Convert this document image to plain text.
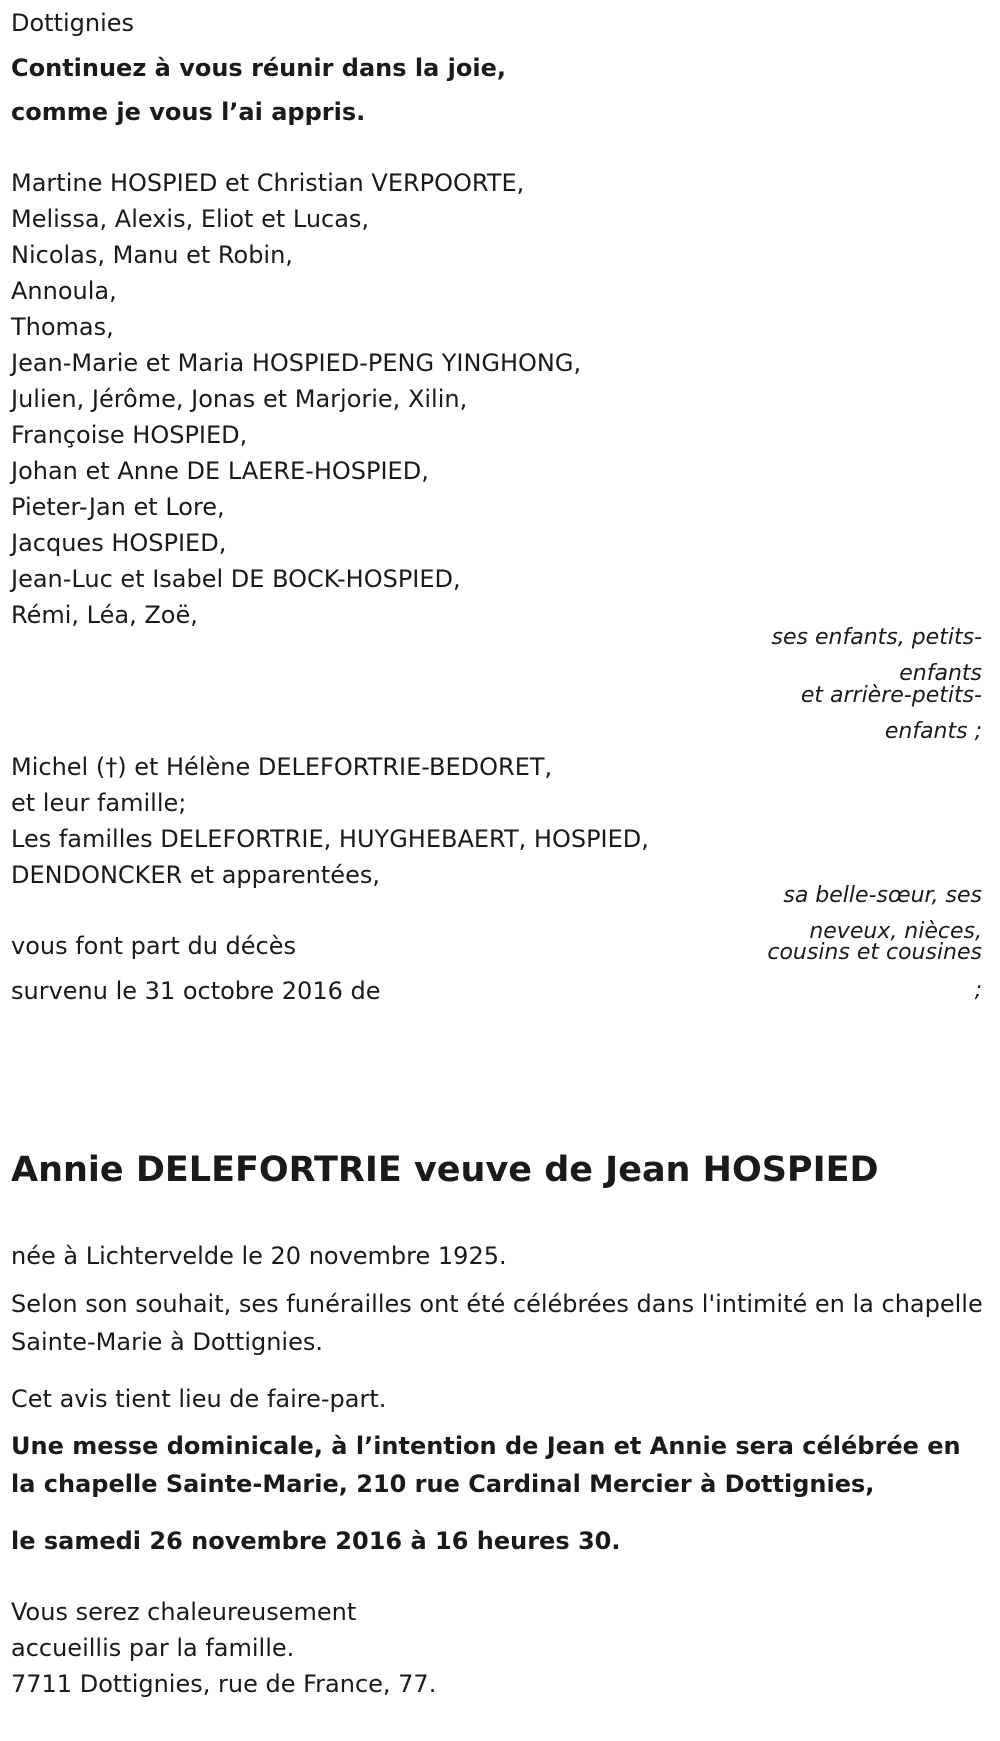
Dottignies
Continuez à vous réunir dans la joie,
comme je vous l’ai appris.
Martine HOSPIED et Christian VERPOORTE,
Melissa, Alexis, Eliot et Lucas,
Nicolas, Manu et Robin,
Annoula,
Thomas,
Jean-Marie et Maria HOSPIED-PENG YINGHONG,
Julien, Jérôme, Jonas et Marjorie, Xilin,
Françoise HOSPIED,
Johan et Anne DE LAERE-HOSPIED,
Pieter-Jan et Lore,
Jacques HOSPIED,
Jean-Luc et Isabel DE BOCK-HOSPIED,
Rémi, Léa, Zoë,
ses enfants, petits-
enfants
et arrière-petits-
enfants ;
Michel (†) et Hélène DELEFORTRIE-BEDORET,
et leur famille;
Les familles DELEFORTRIE, HUYGHEBAERT, HOSPIED,
DENDONCKER et apparentées,
sa belle-sœur, ses
neveux, nièces,
cousins et cousines
;
vous font part du décès
survenu le 31 octobre 2016 de
Annie DELEFORTRIE veuve de Jean HOSPIED
née à Lichtervelde le 20 novembre 1925.
Selon son souhait, ses funérailles ont été célébrées dans l'intimité en la chapelle Sainte-Marie à Dottignies.
Cet avis tient lieu de faire-part.
Une messe dominicale, à l’intention de Jean et Annie sera célébrée en la chapelle Sainte-Marie, 210 rue Cardinal Mercier à Dottignies,
le samedi 26 novembre 2016 à 16 heures 30.
Vous serez chaleureusement
accueillis par la famille.
7711 Dottignies, rue de France, 77.
